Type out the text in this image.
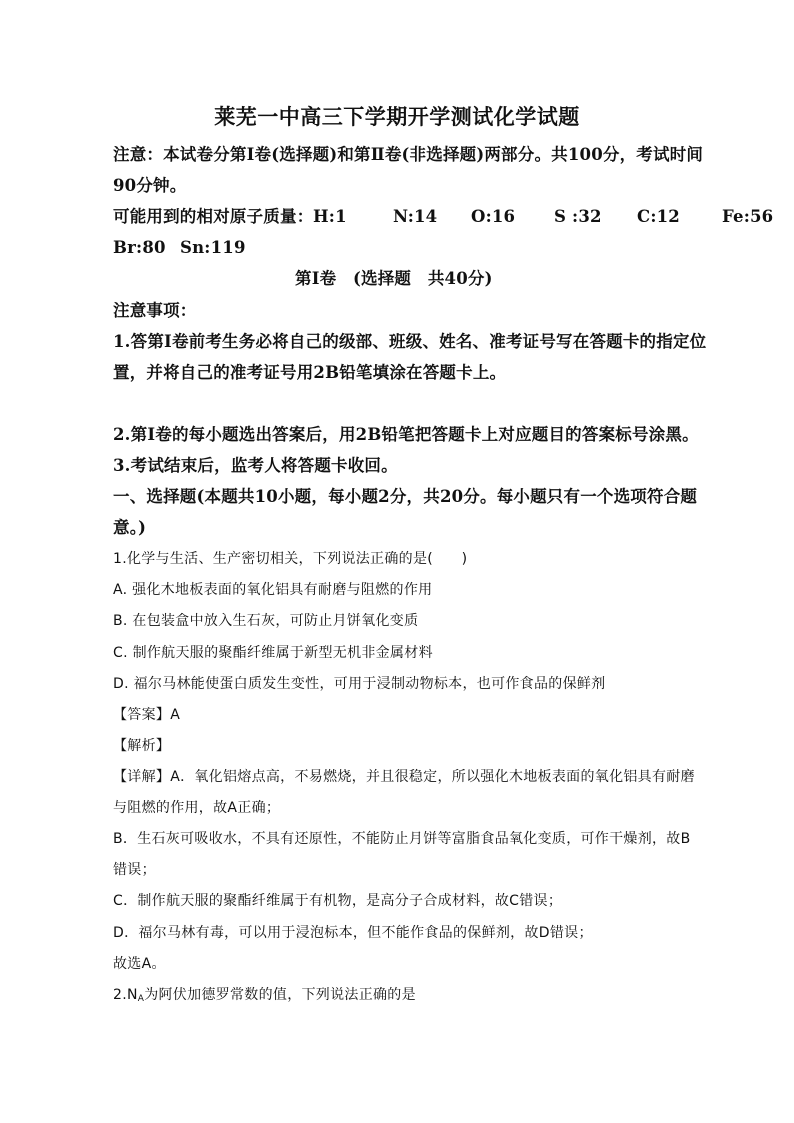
莱芜一中高三下学期开学测试化学试题
注意：本试卷分第Ⅰ卷(选择题)和第Ⅱ卷(非选择题)两部分。共100分，考试时间
90分钟。
可能用到的相对原子质量： H:1	N:14 O:16 S :32 C:12	Fe:56
Br:80 Sn:119
第Ⅰ卷　(选择题　共40分)
注意事项：
1.答第Ⅰ卷前考生务必将自己的级部、班级、姓名、准考证号写在答题卡的指定位
置，并将自己的准考证号用2B铅笔填涂在答题卡上。
2.第Ⅰ卷的每小题选出答案后，用2B铅笔把答题卡上对应题目的答案标号涂黑。
3.考试结束后，监考人将答题卡收回。
一、选择题(本题共10小题，每小题2分，共20分。每小题只有一个选项符合题
意。)
1.化学与生活、生产密切相关，下列说法正确的是(　　)
A. 强化木地板表面的氧化铝具有耐磨与阻燃的作用
B. 在包装盒中放入生石灰，可防止月饼氧化变质
C. 制作航天服的聚酯纤维属于新型无机非金属材料
D. 福尔马林能使蛋白质发生变性，可用于浸制动物标本，也可作食品的保鲜剂
【答案】A
【解析】
【详解】A．氧化铝熔点高，不易燃烧，并且很稳定，所以强化木地板表面的氧化铝具有耐磨
与阻燃的作用，故A正确；
B．生石灰可吸收水，不具有还原性，不能防止月饼等富脂食品氧化变质，可作干燥剂，故B
错误；
C．制作航天服的聚酯纤维属于有机物，是高分子合成材料，故C错误；
D．福尔马林有毒，可以用于浸泡标本，但不能作食品的保鲜剂，故D错误；
故选A。
$2.N_A$为阿伏加德罗常数的值，下列说法正确的是
